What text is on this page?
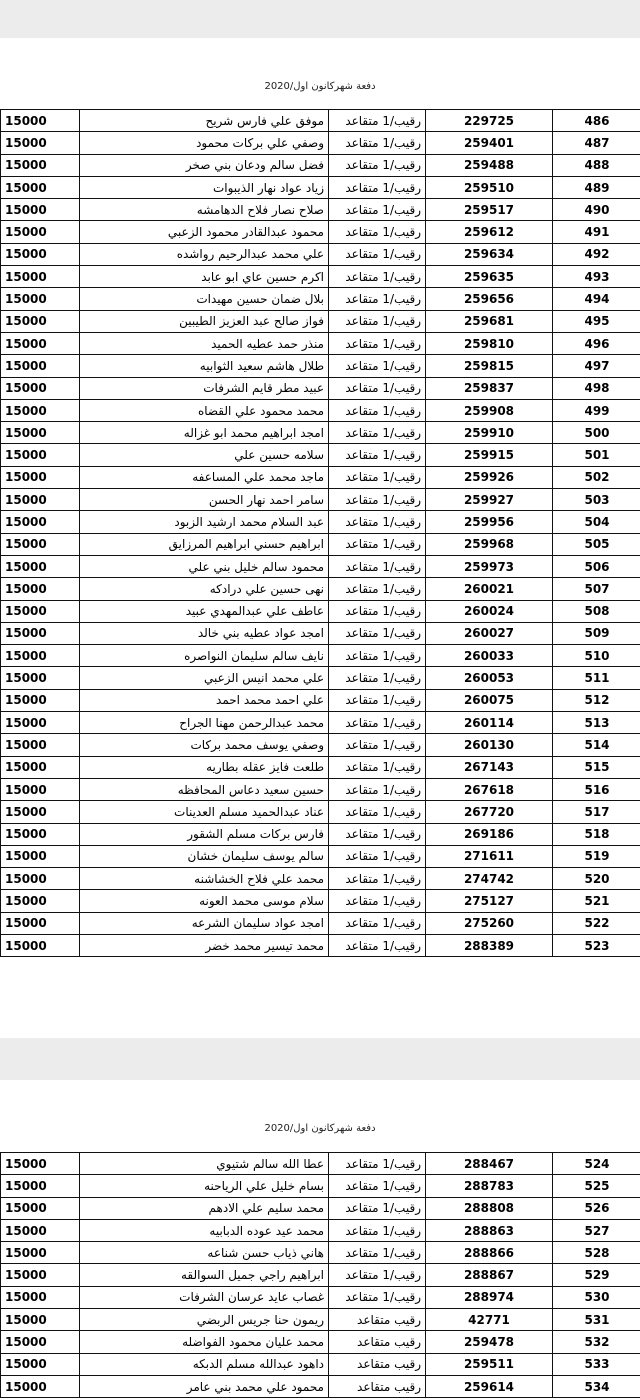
دفعة شهركانون اول/2020
15000	موفق علي فارس شريح	رقيب/1 متقاعد	229725	486
15000	وصفي علي بركات محمود	رقيب/1 متقاعد	259401	487
15000	فضل سالم ودعان بني صخر	رقيب/1 متقاعد	259488	488
15000	زياد عواد نهار الذيبوات	رقيب/1 متقاعد	259510	489
15000	صلاح نصار فلاح الدهامشه	رقيب/1 متقاعد	259517	490
15000	محمود عبدالقادر محمود الزعبي	رقيب/1 متقاعد	259612	491
15000	علي محمد عبدالرحيم رواشده	رقيب/1 متقاعد	259634	492
15000	اكرم حسين عاي ابو عابد	رقيب/1 متقاعد	259635	493
15000	بلال ضمان حسين مهيدات	رقيب/1 متقاعد	259656	494
15000	فواز صالح عبد العزيز الطيبين	رقيب/1 متقاعد	259681	495
15000	منذر حمد عطيه الحميد	رقيب/1 متقاعد	259810	496
15000	طلال هاشم سعيد الثوابيه	رقيب/1 متقاعد	259815	497
15000	عبيد مطر قايم الشرفات	رقيب/1 متقاعد	259837	498
15000	محمد محمود علي القضاه	رقيب/1 متقاعد	259908	499
15000	امجد ابراهيم محمد ابو غزاله	رقيب/1 متقاعد	259910	500
15000	سلامه حسين علي	رقيب/1 متقاعد	259915	501
15000	ماجد محمد علي المساعفه	رقيب/1 متقاعد	259926	502
15000	سامر احمد نهار الحسن	رقيب/1 متقاعد	259927	503
15000	عبد السلام محمد ارشيد الزبود	رقيب/1 متقاعد	259956	504
15000	ابراهيم حسني ابراهيم المرزايق	رقيب/1 متقاعد	259968	505
15000	محمود سالم خليل بني علي	رقيب/1 متقاعد	259973	506
15000	نهى حسين علي درادكه	رقيب/1 متقاعد	260021	507
15000	عاطف علي عبدالمهدي عبيد	رقيب/1 متقاعد	260024	508
15000	امجد عواد عطيه بني خالد	رقيب/1 متقاعد	260027	509
15000	نايف سالم سليمان النواصره	رقيب/1 متقاعد	260033	510
15000	علي محمد انيس الزعبي	رقيب/1 متقاعد	260053	511
15000	علي احمد محمد احمد	رقيب/1 متقاعد	260075	512
15000	محمد عبدالرحمن مهنا الجراح	رقيب/1 متقاعد	260114	513
15000	وصفي يوسف محمد بركات	رقيب/1 متقاعد	260130	514
15000	طلعت فايز عقله بطاريه	رقيب/1 متقاعد	267143	515
15000	حسين سعيد دعاس المحافظه	رقيب/1 متقاعد	267618	516
15000	عناد عبدالحميد مسلم العدينات	رقيب/1 متقاعد	267720	517
15000	فارس بركات مسلم الشقور	رقيب/1 متقاعد	269186	518
15000	سالم يوسف سليمان خشان	رقيب/1 متقاعد	271611	519
15000	محمد علي فلاح الخشاشنه	رقيب/1 متقاعد	274742	520
15000	سلام موسى محمد العونه	رقيب/1 متقاعد	275127	521
15000	امجد عواد سليمان الشرعه	رقيب/1 متقاعد	275260	522
15000	محمد تيسير محمد خضر	رقيب/1 متقاعد	288389	523
دفعة شهركانون اول/2020
15000	عطا الله سالم شتيوي	رقيب/1 متقاعد	288467	524
15000	بسام خليل علي الرياحنه	رقيب/1 متقاعد	288783	525
15000	محمد سليم علي الادهم	رقيب/1 متقاعد	288808	526
15000	محمد عيد عوده الدبابيه	رقيب/1 متقاعد	288863	527
15000	هاني ذياب حسن شناعه	رقيب/1 متقاعد	288866	528
15000	ابراهيم راجي جميل السوالقه	رقيب/1 متقاعد	288867	529
15000	غصاب عايد عرسان الشرفات	رقيب/1 متقاعد	288974	530
15000	ريمون حنا جريس الربضي	رقيب متقاعد	42771	531
15000	محمد عليان محمود الفواضله	رقيب متقاعد	259478	532
15000	داهود عبدالله مسلم الدبكه	رقيب متقاعد	259511	533
15000	محمود علي محمد بني عامر	رقيب متقاعد	259614	534
